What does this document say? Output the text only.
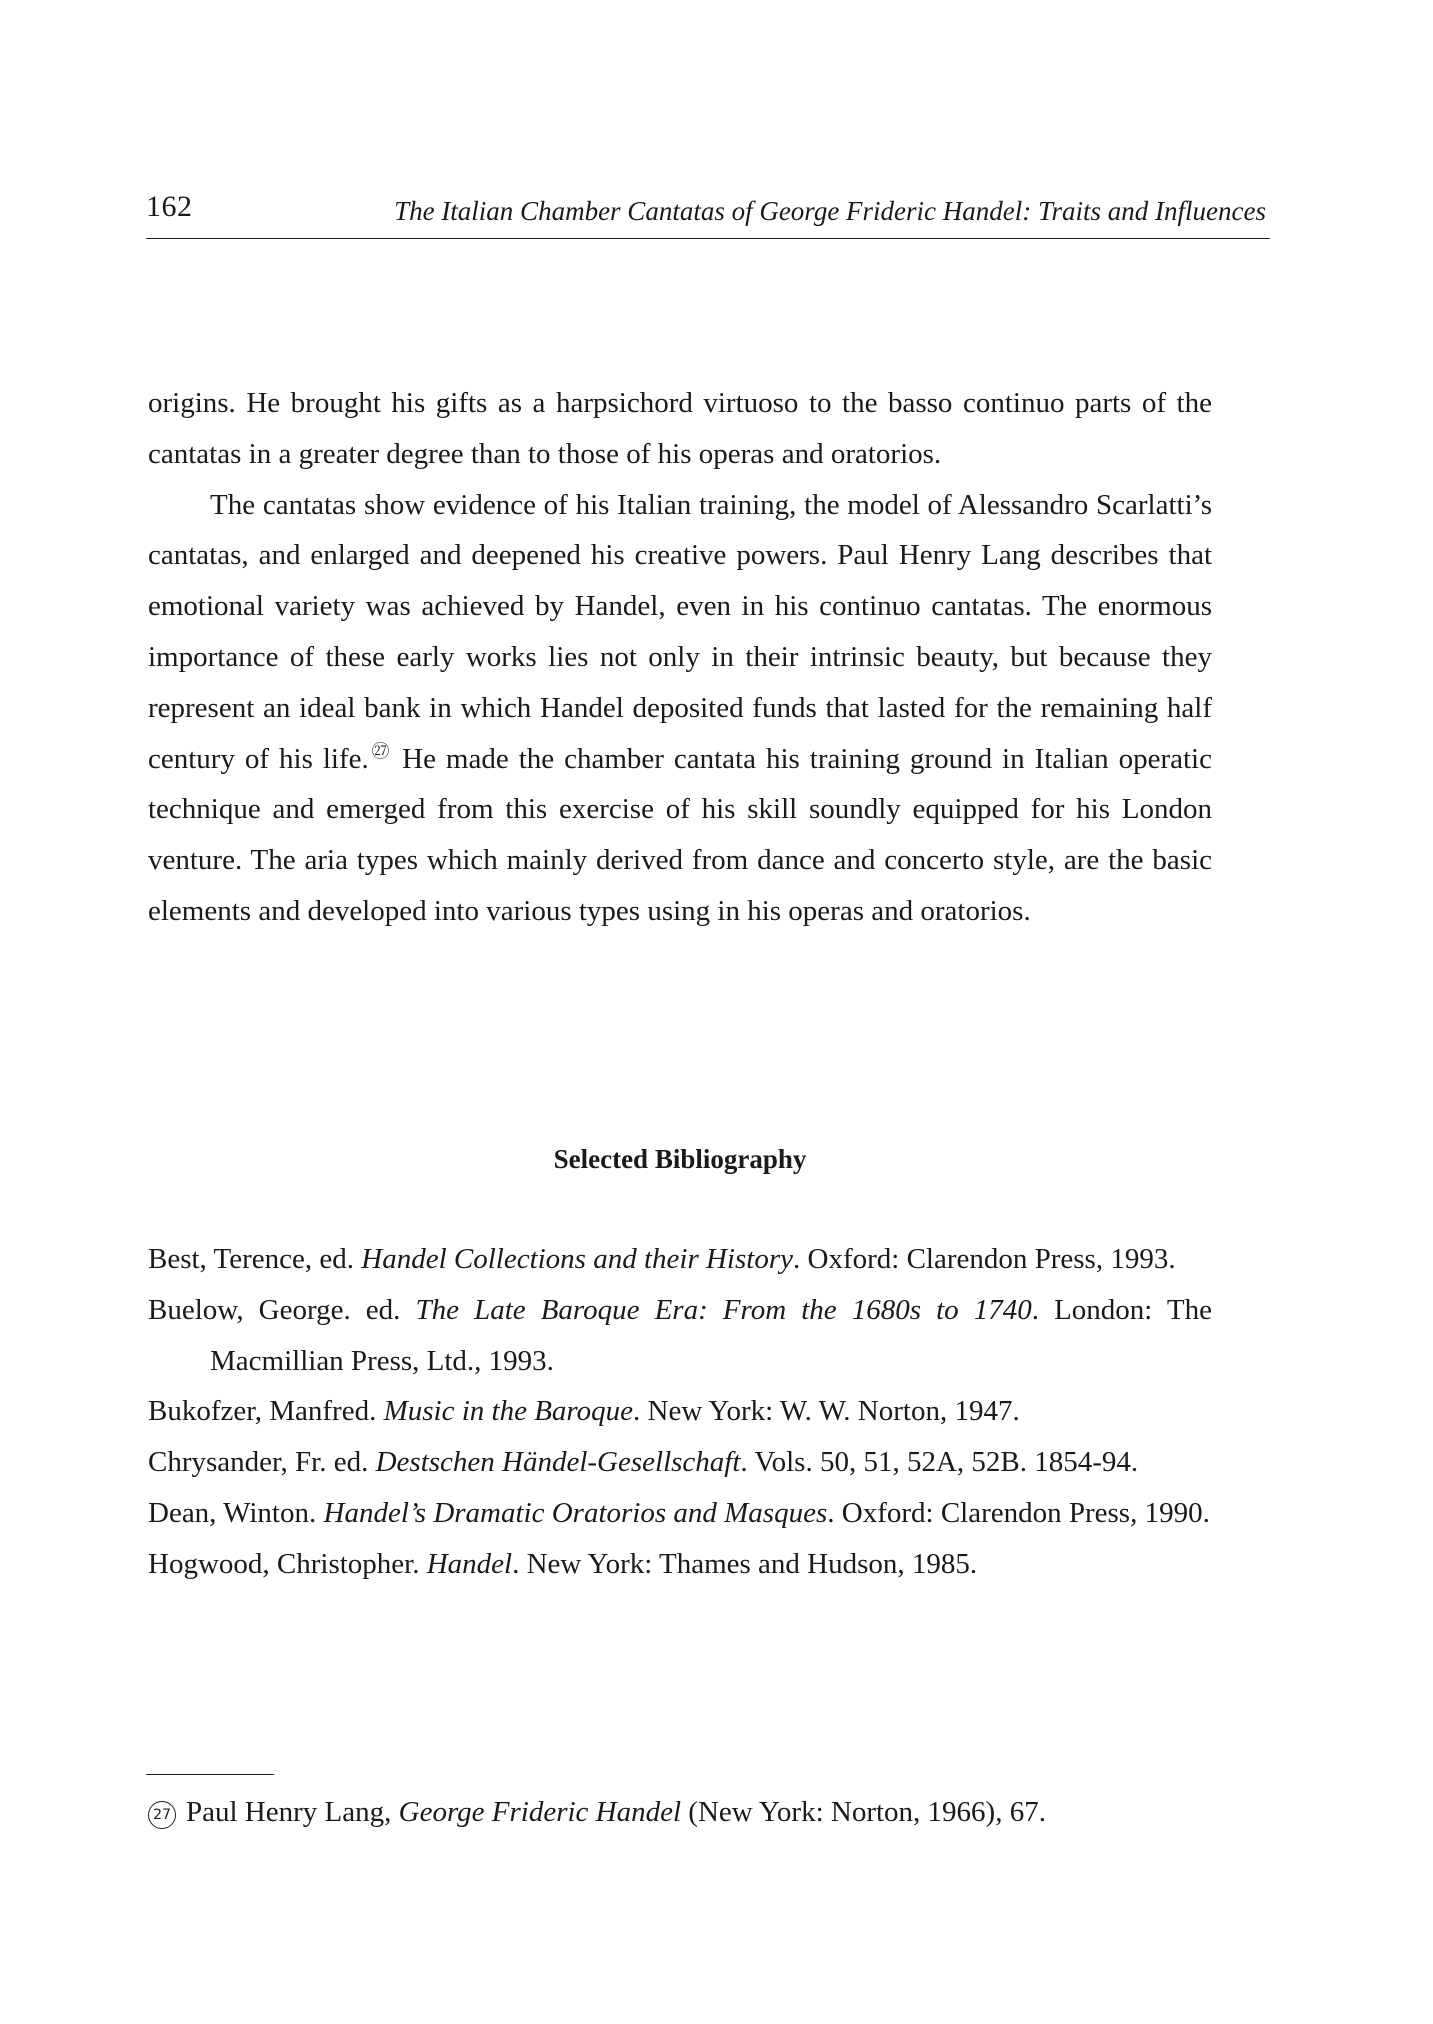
162	The Italian Chamber Cantatas of George Frideric Handel: Traits and Influences

origins. He brought his gifts as a harpsichord virtuoso to the basso continuo parts of the cantatas in a greater degree than to those of his operas and oratorios.

The cantatas show evidence of his Italian training, the model of Alessandro Scarlatti’s cantatas, and enlarged and deepened his creative powers. Paul Henry Lang describes that emotional variety was achieved by Handel, even in his continuo cantatas. The enormous importance of these early works lies not only in their intrinsic beauty, but because they represent an ideal bank in which Handel deposited funds that lasted for the remaining half century of his life.$^㉗$ He made the chamber cantata his training ground in Italian operatic technique and emerged from this exercise of his skill soundly equipped for his London venture. The aria types which mainly derived from dance and concerto style, are the basic elements and developed into various types using in his operas and oratorios.

Selected Bibliography
Best, Terence, ed. Handel Collections and their History. Oxford: Clarendon Press, 1993.
Buelow, George. ed. The Late Baroque Era: From the 1680s to 1740. London: The Macmillian Press, Ltd., 1993.
Bukofzer, Manfred. Music in the Baroque. New York: W. W. Norton, 1947.
Chrysander, Fr. ed. Destschen Händel-Gesellschaft. Vols. 50, 51, 52A, 52B. 1854-94.
Dean, Winton. Handel’s Dramatic Oratorios and Masques. Oxford: Clarendon Press, 1990.
Hogwood, Christopher. Handel. New York: Thames and Hudson, 1985.
27 Paul Henry Lang, George Frideric Handel (New York: Norton, 1966), 67.
